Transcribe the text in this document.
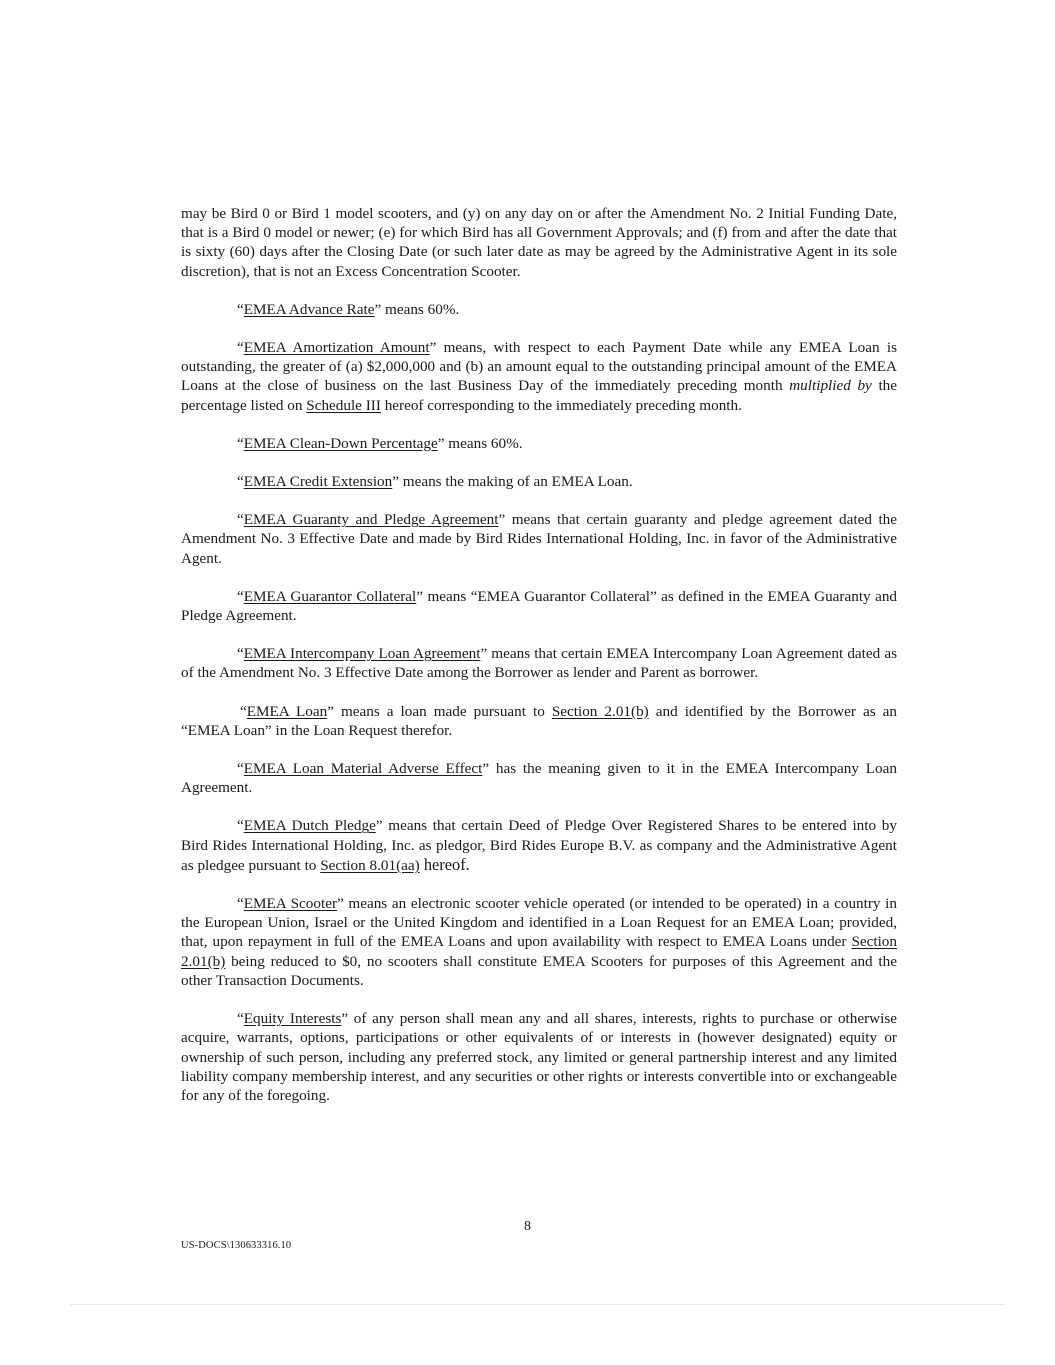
may be Bird 0 or Bird 1 model scooters, and (y) on any day on or after the Amendment No. 2 Initial Funding Date, that is a Bird 0 model or newer; (e) for which Bird has all Government Approvals; and (f) from and after the date that is sixty (60) days after the Closing Date (or such later date as may be agreed by the Administrative Agent in its sole discretion), that is not an Excess Concentration Scooter.

“EMEA Advance Rate” means 60%.

“EMEA Amortization Amount” means, with respect to each Payment Date while any EMEA Loan is outstanding, the greater of (a) $2,000,000 and (b) an amount equal to the outstanding principal amount of the EMEA Loans at the close of business on the last Business Day of the immediately preceding month multiplied by the percentage listed on Schedule III hereof corresponding to the immediately preceding month.

“EMEA Clean-Down Percentage” means 60%.

“EMEA Credit Extension” means the making of an EMEA Loan.

“EMEA Guaranty and Pledge Agreement” means that certain guaranty and pledge agreement dated the Amendment No. 3 Effective Date and made by Bird Rides International Holding, Inc. in favor of the Administrative Agent.

“EMEA Guarantor Collateral” means “EMEA Guarantor Collateral” as defined in the EMEA Guaranty and Pledge Agreement.

“EMEA Intercompany Loan Agreement” means that certain EMEA Intercompany Loan Agreement dated as of the Amendment No. 3 Effective Date among the Borrower as lender and Parent as borrower.

“EMEA Loan” means a loan made pursuant to Section 2.01(b) and identified by the Borrower as an “EMEA Loan” in the Loan Request therefor.

“EMEA Loan Material Adverse Effect” has the meaning given to it in the EMEA Intercompany Loan Agreement.

“EMEA Dutch Pledge” means that certain Deed of Pledge Over Registered Shares to be entered into by Bird Rides International Holding, Inc. as pledgor, Bird Rides Europe B.V. as company and the Administrative Agent as pledgee pursuant to Section 8.01(aa) hereof.

“EMEA Scooter” means an electronic scooter vehicle operated (or intended to be operated) in a country in the European Union, Israel or the United Kingdom and identified in a Loan Request for an EMEA Loan; provided, that, upon repayment in full of the EMEA Loans and upon availability with respect to EMEA Loans under Section 2.01(b) being reduced to $0, no scooters shall constitute EMEA Scooters for purposes of this Agreement and the other Transaction Documents.

“Equity Interests” of any person shall mean any and all shares, interests, rights to purchase or otherwise acquire, warrants, options, participations or other equivalents of or interests in (however designated) equity or ownership of such person, including any preferred stock, any limited or general partnership interest and any limited liability company membership interest, and any securities or other rights or interests convertible into or exchangeable for any of the foregoing.

8
US-DOCS\130633316.10
